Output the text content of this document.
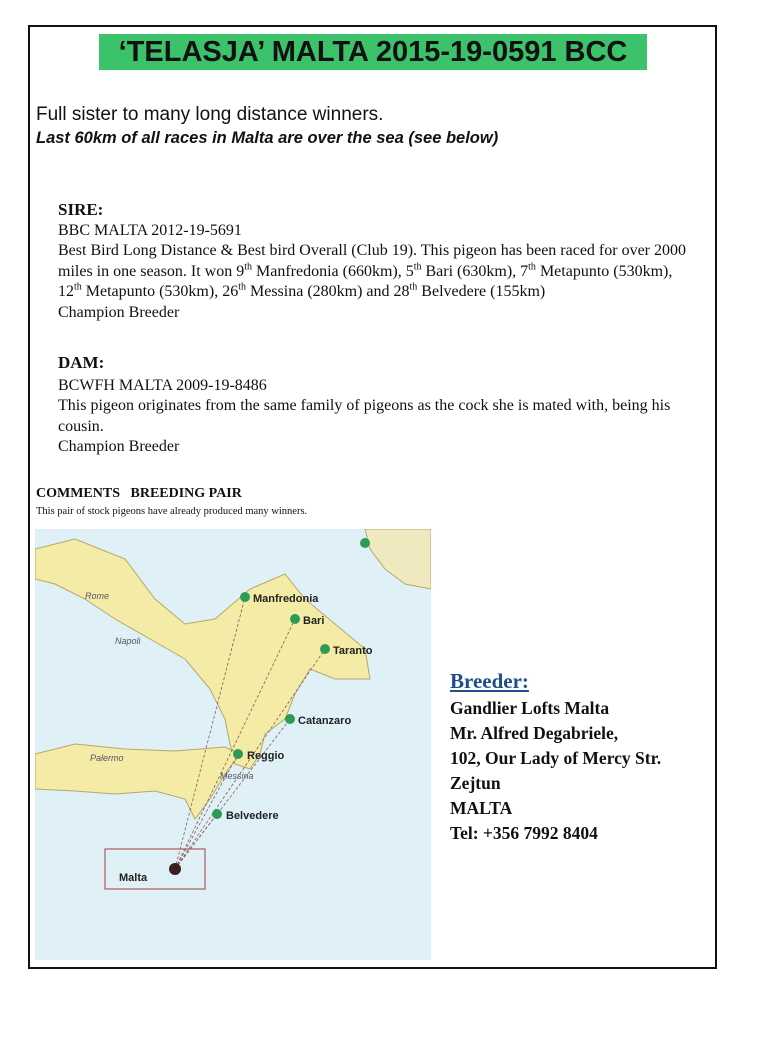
‘TELASJA’ MALTA 2015-19-0591 BCC
Full sister to many long distance winners.
Last 60km of all races in Malta are over the sea (see below)
SIRE:
BBC MALTA 2012-19-5691
Best Bird Long Distance & Best bird Overall (Club 19). This pigeon has been raced for over 2000 miles in one season. It won 9th Manfredonia (660km), 5th Bari (630km), 7th Metapunto (530km), 12th Metapunto (530km), 26th Messina (280km) and 28th Belvedere (155km)
Champion Breeder
DAM:
BCWFH MALTA 2009-19-8486
This pigeon originates from the same family of pigeons as the cock she is mated with, being his cousin.
Champion Breeder
COMMENTS   BREEDING PAIR
This pair of stock pigeons have already produced many winners.
Manfredonia
Bari
Taranto
Catanzaro
Reggio
Belvedere
Malta
Rome
Napoli
Palermo
Messina
Breeder:
Gandlier Lofts Malta
Mr. Alfred Degabriele,
102, Our Lady of Mercy Str.
Zejtun
MALTA
Tel: +356 7992 8404
